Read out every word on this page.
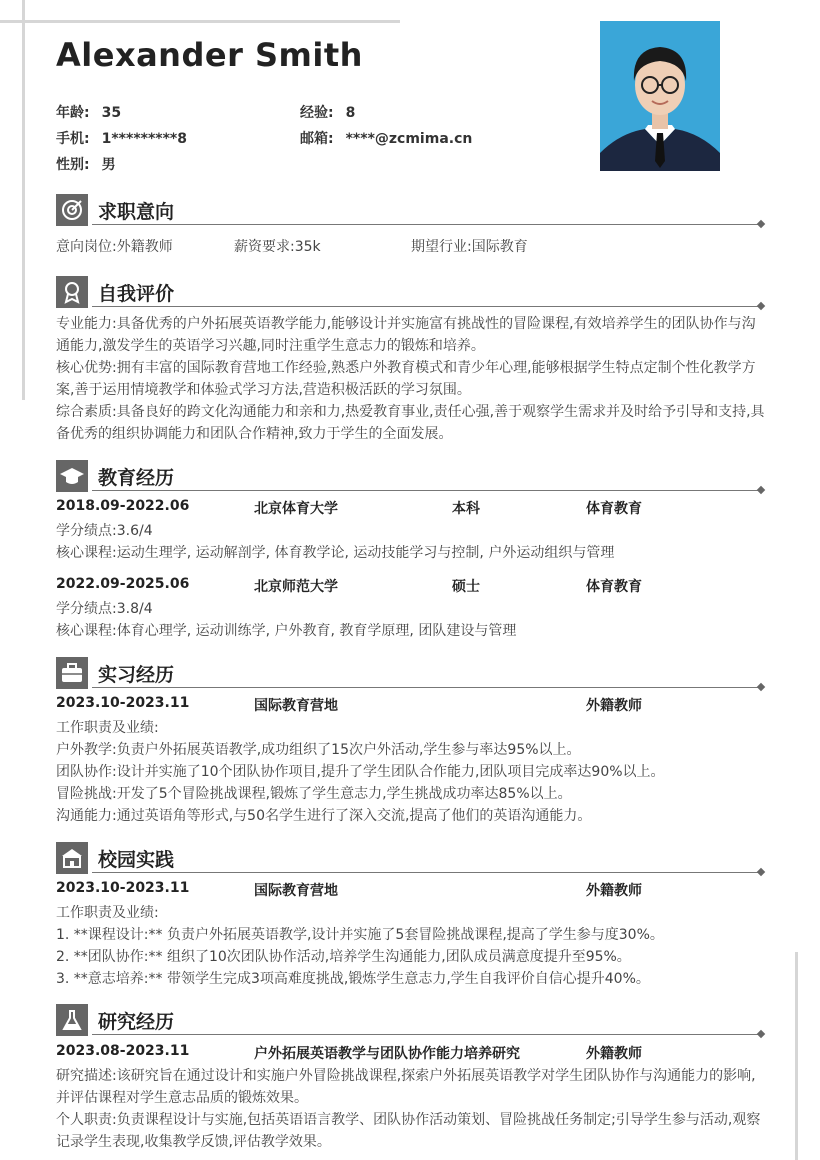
Alexander Smith
年龄: 35	经验: 8
手机: 1*********8	邮箱: ****@zcmima.cn
性别: 男
求职意向
意向岗位:外籍教师	薪资要求:35k	期望行业:国际教育
自我评价
专业能力:具备优秀的户外拓展英语教学能力,能够设计并实施富有挑战性的冒险课程,有效培养学生的团队协作与沟通能力,激发学生的英语学习兴趣,同时注重学生意志力的锻炼和培养。
核心优势:拥有丰富的国际教育营地工作经验,熟悉户外教育模式和青少年心理,能够根据学生特点定制个性化教学方案,善于运用情境教学和体验式学习方法,营造积极活跃的学习氛围。
综合素质:具备良好的跨文化沟通能力和亲和力,热爱教育事业,责任心强,善于观察学生需求并及时给予引导和支持,具备优秀的组织协调能力和团队合作精神,致力于学生的全面发展。
教育经历
2018.09-2022.06	北京体育大学	本科	体育教育
学分绩点:3.6/4
核心课程:运动生理学, 运动解剖学, 体育教学论, 运动技能学习与控制, 户外运动组织与管理
2022.09-2025.06	北京师范大学	硕士	体育教育
学分绩点:3.8/4
核心课程:体育心理学, 运动训练学, 户外教育, 教育学原理, 团队建设与管理
实习经历
2023.10-2023.11	国际教育营地	外籍教师
工作职责及业绩:
户外教学:负责户外拓展英语教学,成功组织了15次户外活动,学生参与率达95%以上。
团队协作:设计并实施了10个团队协作项目,提升了学生团队合作能力,团队项目完成率达90%以上。
冒险挑战:开发了5个冒险挑战课程,锻炼了学生意志力,学生挑战成功率达85%以上。
沟通能力:通过英语角等形式,与50名学生进行了深入交流,提高了他们的英语沟通能力。
校园实践
2023.10-2023.11	国际教育营地	外籍教师
工作职责及业绩:
1. **课程设计:** 负责户外拓展英语教学,设计并实施了5套冒险挑战课程,提高了学生参与度30%。
2. **团队协作:** 组织了10次团队协作活动,培养学生沟通能力,团队成员满意度提升至95%。
3. **意志培养:** 带领学生完成3项高难度挑战,锻炼学生意志力,学生自我评价自信心提升40%。
研究经历
2023.08-2023.11	户外拓展英语教学与团队协作能力培养研究	外籍教师
研究描述:该研究旨在通过设计和实施户外冒险挑战课程,探索户外拓展英语教学对学生团队协作与沟通能力的影响,并评估课程对学生意志品质的锻炼效果。
个人职责:负责课程设计与实施,包括英语语言教学、团队协作活动策划、冒险挑战任务制定;引导学生参与活动,观察记录学生表现,收集教学反馈,评估教学效果。
